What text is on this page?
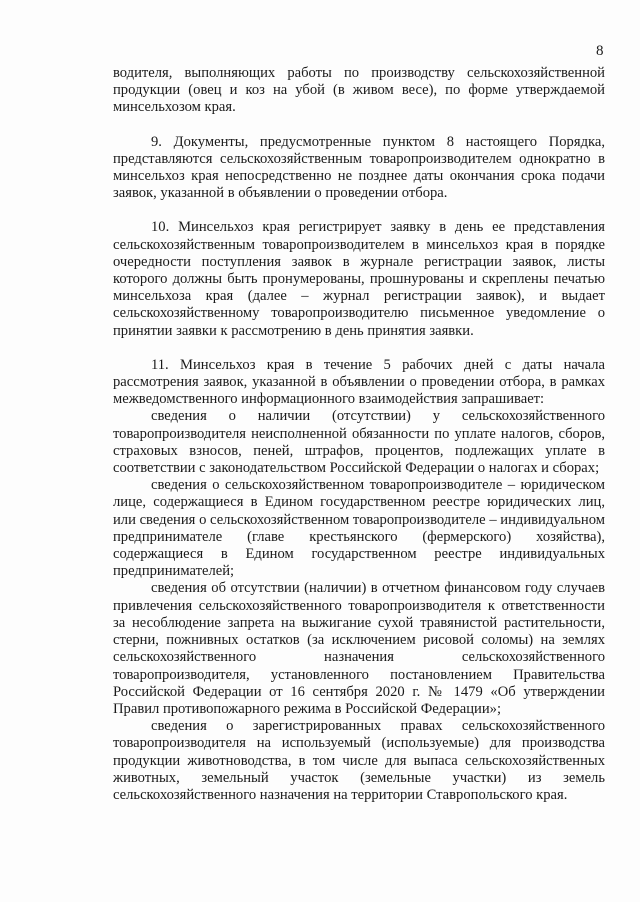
8

водителя, выполняющих работы по производству сельскохозяйственной продукции (овец и коз на убой (в живом весе), по форме утверждаемой минсельхозом края.

9. Документы, предусмотренные пунктом 8 настоящего Порядка, представляются сельскохозяйственным товаропроизводителем однократно в минсельхоз края непосредственно не позднее даты окончания срока подачи заявок, указанной в объявлении о проведении отбора.

10. Минсельхоз края регистрирует заявку в день ее представления сельскохозяйственным товаропроизводителем в минсельхоз края в порядке очередности поступления заявок в журнале регистрации заявок, листы которого должны быть пронумерованы, прошнурованы и скреплены печатью минсельхоза края (далее – журнал регистрации заявок), и выдает сельскохозяйственному товаропроизводителю письменное уведомление о принятии заявки к рассмотрению в день принятия заявки.

11. Минсельхоз края в течение 5 рабочих дней с даты начала рассмотрения заявок, указанной в объявлении о проведении отбора, в рамках межведомственного информационного взаимодействия запрашивает:

сведения о наличии (отсутствии) у сельскохозяйственного товаропроизводителя неисполненной обязанности по уплате налогов, сборов, страховых взносов, пеней, штрафов, процентов, подлежащих уплате в соответствии с законодательством Российской Федерации о налогах и сборах;

сведения о сельскохозяйственном товаропроизводителе – юридическом лице, содержащиеся в Едином государственном реестре юридических лиц, или сведения о сельскохозяйственном товаропроизводителе – индивидуальном предпринимателе (главе крестьянского (фермерского) хозяйства), содержащиеся в Едином государственном реестре индивидуальных предпринимателей;

сведения об отсутствии (наличии) в отчетном финансовом году случаев привлечения сельскохозяйственного товаропроизводителя к ответственности за несоблюдение запрета на выжигание сухой травянистой растительности, стерни, пожнивных остатков (за исключением рисовой соломы) на землях сельскохозяйственного назначения сельскохозяйственного товаропроизводителя, установленного постановлением Правительства Российской Федерации от 16 сентября 2020 г. № 1479 «Об утверждении Правил противопожарного режима в Российской Федерации»;

сведения о зарегистрированных правах сельскохозяйственного товаропроизводителя на используемый (используемые) для производства продукции животноводства, в том числе для выпаса сельскохозяйственных животных, земельный участок (земельные участки) из земель сельскохозяйственного назначения на территории Ставропольского края.
